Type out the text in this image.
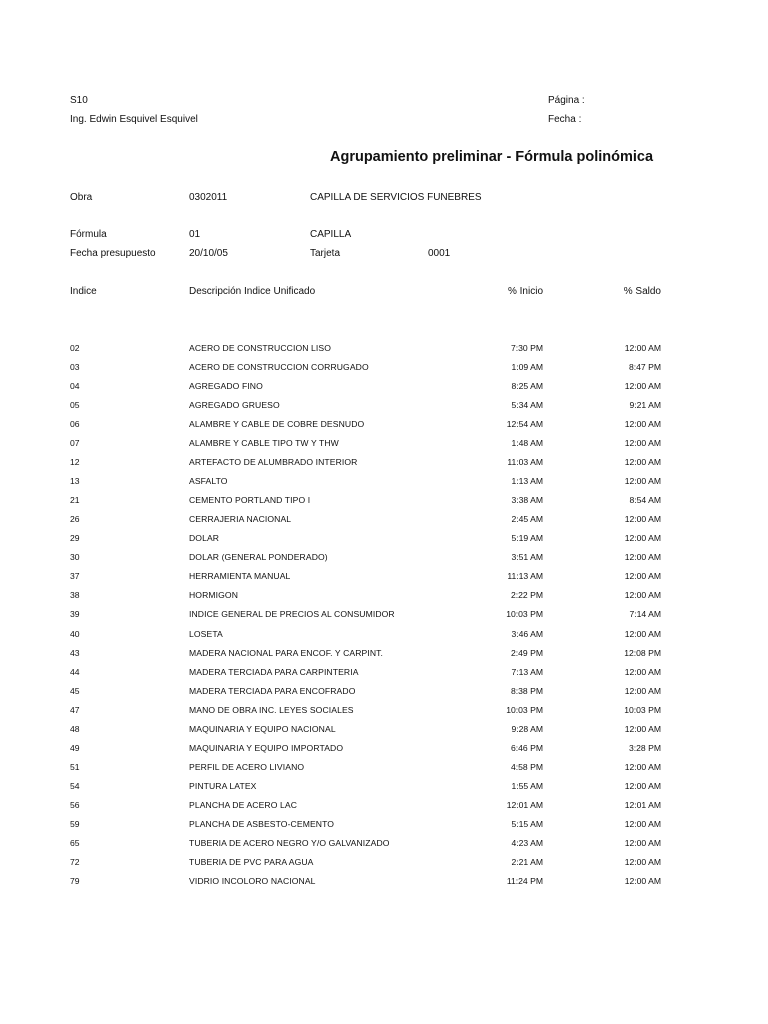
S10
Ing. Edwin Esquivel Esquivel
Página :
Fecha :
Agrupamiento preliminar - Fórmula polinómica
Obra	0302011	CAPILLA DE SERVICIOS FUNEBRES
Fórmula	01	CAPILLA
Fecha presupuesto	20/10/05	Tarjeta	0001
Indice	Descripción Indice Unificado	% Inicio	% Saldo
02	ACERO DE CONSTRUCCION LISO	7:30 PM	12:00 AM
03	ACERO DE CONSTRUCCION CORRUGADO	1:09 AM	8:47 PM
04	AGREGADO FINO	8:25 AM	12:00 AM
05	AGREGADO GRUESO	5:34 AM	9:21 AM
06	ALAMBRE Y CABLE DE COBRE DESNUDO	12:54 AM	12:00 AM
07	ALAMBRE Y CABLE TIPO TW Y THW	1:48 AM	12:00 AM
12	ARTEFACTO DE ALUMBRADO INTERIOR	11:03 AM	12:00 AM
13	ASFALTO	1:13 AM	12:00 AM
21	CEMENTO PORTLAND TIPO I	3:38 AM	8:54 AM
26	CERRAJERIA NACIONAL	2:45 AM	12:00 AM
29	DOLAR	5:19 AM	12:00 AM
30	DOLAR (GENERAL PONDERADO)	3:51 AM	12:00 AM
37	HERRAMIENTA MANUAL	11:13 AM	12:00 AM
38	HORMIGON	2:22 PM	12:00 AM
39	INDICE GENERAL DE PRECIOS AL CONSUMIDOR	10:03 PM	7:14 AM
40	LOSETA	3:46 AM	12:00 AM
43	MADERA NACIONAL PARA ENCOF. Y CARPINT.	2:49 PM	12:08 PM
44	MADERA TERCIADA PARA CARPINTERIA	7:13 AM	12:00 AM
45	MADERA TERCIADA PARA ENCOFRADO	8:38 PM	12:00 AM
47	MANO DE OBRA INC. LEYES SOCIALES	10:03 PM	10:03 PM
48	MAQUINARIA Y EQUIPO NACIONAL	9:28 AM	12:00 AM
49	MAQUINARIA Y EQUIPO IMPORTADO	6:46 PM	3:28 PM
51	PERFIL DE ACERO LIVIANO	4:58 PM	12:00 AM
54	PINTURA LATEX	1:55 AM	12:00 AM
56	PLANCHA DE ACERO LAC	12:01 AM	12:01 AM
59	PLANCHA DE ASBESTO-CEMENTO	5:15 AM	12:00 AM
65	TUBERIA DE ACERO NEGRO Y/O GALVANIZADO	4:23 AM	12:00 AM
72	TUBERIA DE PVC PARA AGUA	2:21 AM	12:00 AM
79	VIDRIO INCOLORO NACIONAL	11:24 PM	12:00 AM
